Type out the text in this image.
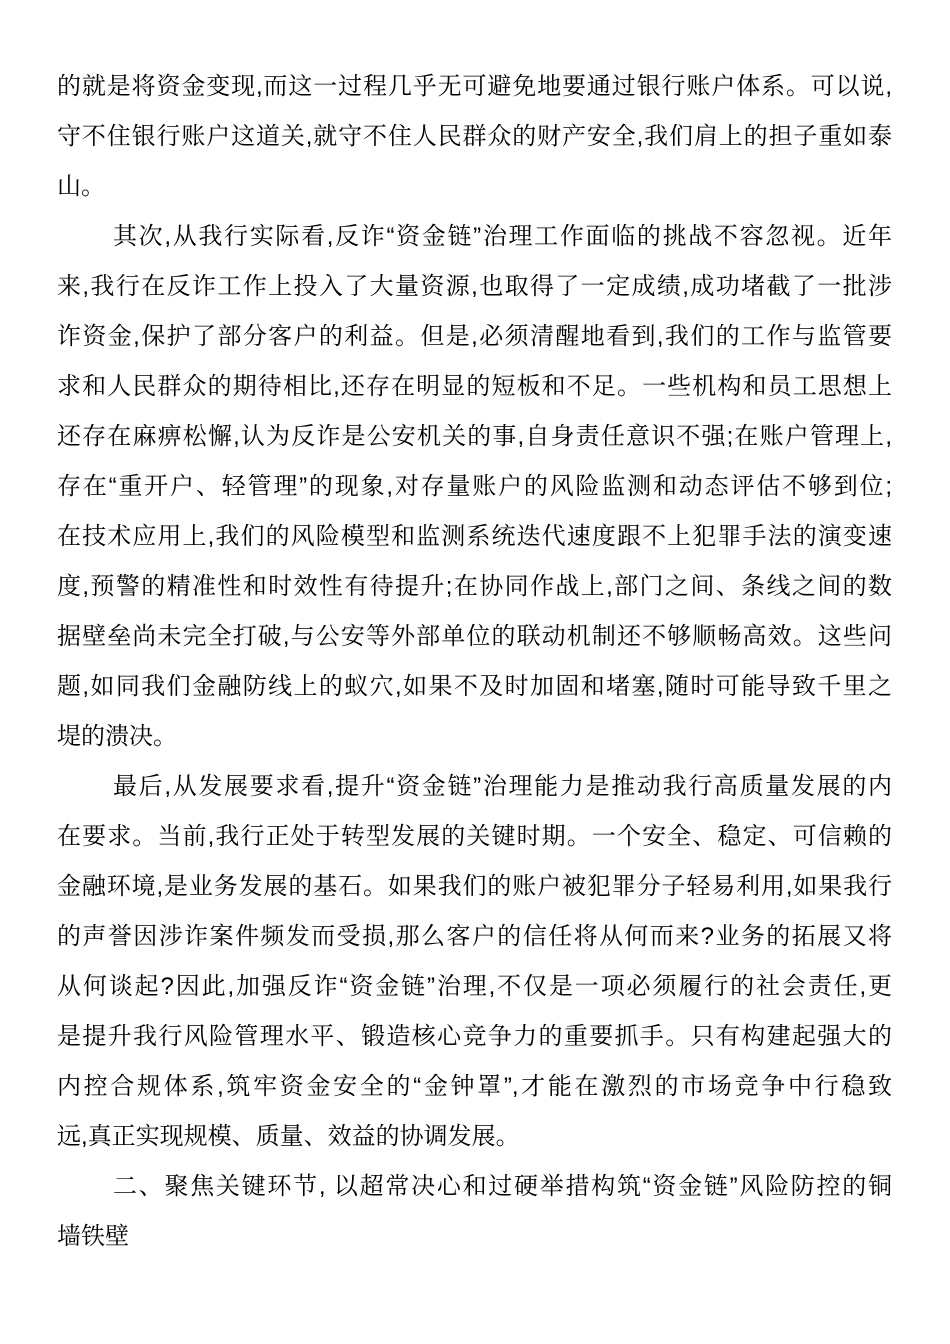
的就是将资金变现,而这一过程几乎无可避免地要通过银行账户体系。可以说,
守不住银行账户这道关,就守不住人民群众的财产安全,我们肩上的担子重如泰
山。
其次,从我行实际看,反诈“资金链”治理工作面临的挑战不容忽视。近年
来,我行在反诈工作上投入了大量资源,也取得了一定成绩,成功堵截了一批涉
诈资金,保护了部分客户的利益。但是,必须清醒地看到,我们的工作与监管要
求和人民群众的期待相比,还存在明显的短板和不足。一些机构和员工思想上
还存在麻痹松懈,认为反诈是公安机关的事,自身责任意识不强;在账户管理上,
存在“重开户、轻管理”的现象,对存量账户的风险监测和动态评估不够到位;
在技术应用上,我们的风险模型和监测系统迭代速度跟不上犯罪手法的演变速
度,预警的精准性和时效性有待提升;在协同作战上,部门之间、条线之间的数
据壁垒尚未完全打破,与公安等外部单位的联动机制还不够顺畅高效。这些问
题,如同我们金融防线上的蚁穴,如果不及时加固和堵塞,随时可能导致千里之
堤的溃决。
最后,从发展要求看,提升“资金链”治理能力是推动我行高质量发展的内
在要求。当前,我行正处于转型发展的关键时期。一个安全、稳定、可信赖的
金融环境,是业务发展的基石。如果我们的账户被犯罪分子轻易利用,如果我行
的声誉因涉诈案件频发而受损,那么客户的信任将从何而来?业务的拓展又将
从何谈起?因此,加强反诈“资金链”治理,不仅是一项必须履行的社会责任,更
是提升我行风险管理水平、锻造核心竞争力的重要抓手。只有构建起强大的
内控合规体系,筑牢资金安全的“金钟罩”,才能在激烈的市场竞争中行稳致
远,真正实现规模、质量、效益的协调发展。
二、聚焦关键环节, 以超常决心和过硬举措构筑“资金链”风险防控的铜
墙铁壁
